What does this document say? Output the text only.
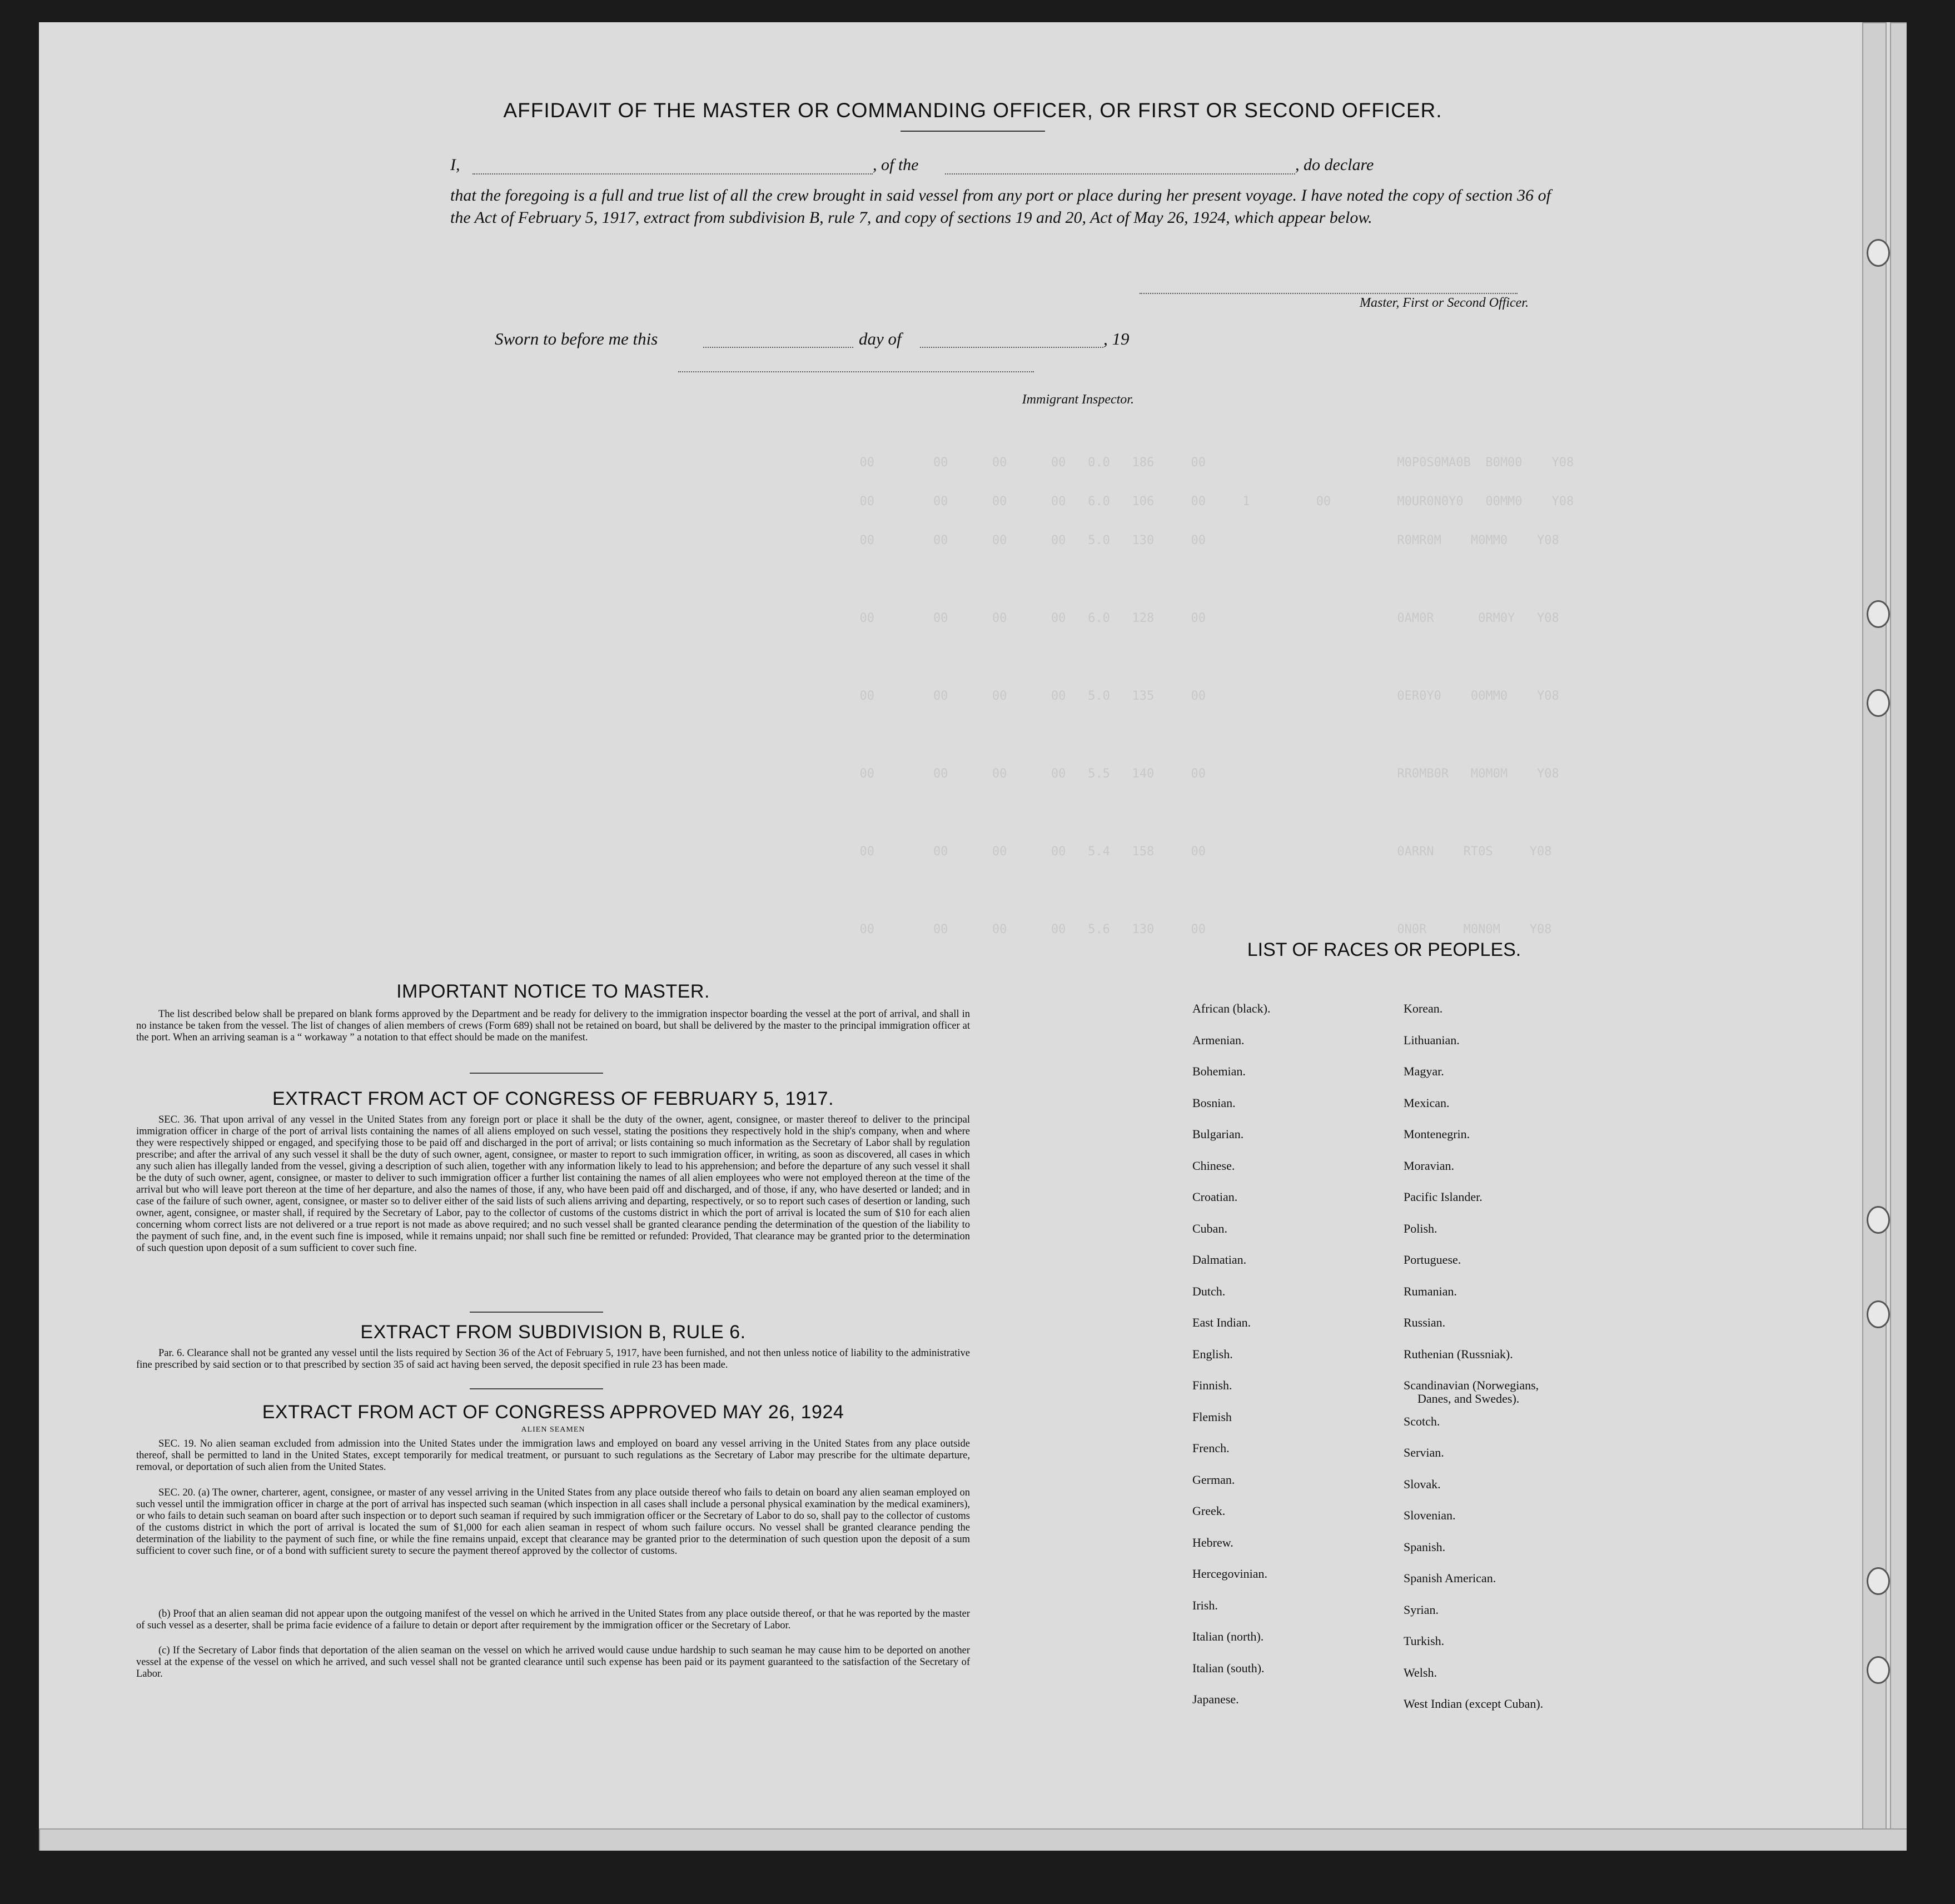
00        00      00      00   0.0   186     00                          M0P0S0MA0B  B0M00    Y08
00        00      00      00   6.0   106     00     1         00         M0UR0N0Y0   00MM0    Y08
00        00      00      00   5.0   130     00                          R0MR0M    M0MM0    Y08
00        00      00      00   6.0   128     00                          0AM0R      0RM0Y   Y08
00        00      00      00   5.0   135     00                          0ER0Y0    00MM0    Y08
00        00      00      00   5.5   140     00                          RR0MB0R   M0M0M    Y08
00        00      00      00   5.4   158     00                          0ARRN    RT0S     Y08
00        00      00      00   5.6   130     00                          0N0R     M0N0M    Y08
AFFIDAVIT OF THE MASTER OR COMMANDING OFFICER, OR FIRST OR SECOND OFFICER.
I,	, of the	, do declare
that the foregoing is a full and true list of all the crew brought in said vessel from any port or place during her present voyage. I have noted the copy of section 36 of the Act of February 5, 1917, extract from subdivision B, rule 7, and copy of sections 19 and 20, Act of May 26, 1924, which appear below.
Master, First or Second Officer.
Sworn to before me this	day of	, 19
Immigrant Inspector.
IMPORTANT NOTICE TO MASTER.
The list described below shall be prepared on blank forms approved by the Department and be ready for delivery to the immigration inspector boarding the vessel at the port of arrival, and shall in no instance be taken from the vessel. The list of changes of alien members of crews (Form 689) shall not be retained on board, but shall be delivered by the master to the principal immigration officer at the port. When an arriving seaman is a “ workaway ” a notation to that effect should be made on the manifest.
EXTRACT FROM ACT OF CONGRESS OF FEBRUARY 5, 1917.
SEC. 36. That upon arrival of any vessel in the United States from any foreign port or place it shall be the duty of the owner, agent, consignee, or master thereof to deliver to the principal immigration officer in charge of the port of arrival lists containing the names of all aliens employed on such vessel, stating the positions they respectively hold in the ship's company, when and where they were respectively shipped or engaged, and specifying those to be paid off and discharged in the port of arrival; or lists containing so much information as the Secretary of Labor shall by regulation prescribe; and after the arrival of any such vessel it shall be the duty of such owner, agent, consignee, or master to report to such immigration officer, in writing, as soon as discovered, all cases in which any such alien has illegally landed from the vessel, giving a description of such alien, together with any information likely to lead to his apprehension; and before the departure of any such vessel it shall be the duty of such owner, agent, consignee, or master to deliver to such immigration officer a further list containing the names of all alien employees who were not employed thereon at the time of the arrival but who will leave port thereon at the time of her departure, and also the names of those, if any, who have been paid off and discharged, and of those, if any, who have deserted or landed; and in case of the failure of such owner, agent, consignee, or master so to deliver either of the said lists of such aliens arriving and departing, respectively, or so to report such cases of desertion or landing, such owner, agent, consignee, or master shall, if required by the Secretary of Labor, pay to the collector of customs of the customs district in which the port of arrival is located the sum of $10 for each alien concerning whom correct lists are not delivered or a true report is not made as above required; and no such vessel shall be granted clearance pending the determination of the question of the liability to the payment of such fine, and, in the event such fine is imposed, while it remains unpaid; nor shall such fine be remitted or refunded: Provided, That clearance may be granted prior to the determination of such question upon deposit of a sum sufficient to cover such fine.
EXTRACT FROM SUBDIVISION B, RULE 6.
Par. 6. Clearance shall not be granted any vessel until the lists required by Section 36 of the Act of February 5, 1917, have been furnished, and not then unless notice of liability to the administrative fine prescribed by said section or to that prescribed by section 35 of said act having been served, the deposit specified in rule 23 has been made.
EXTRACT FROM ACT OF CONGRESS APPROVED MAY 26, 1924
ALIEN SEAMEN
SEC. 19. No alien seaman excluded from admission into the United States under the immigration laws and employed on board any vessel arriving in the United States from any place outside thereof, shall be permitted to land in the United States, except temporarily for medical treatment, or pursuant to such regulations as the Secretary of Labor may prescribe for the ultimate departure, removal, or deportation of such alien from the United States.
SEC. 20. (a) The owner, charterer, agent, consignee, or master of any vessel arriving in the United States from any place outside thereof who fails to detain on board any alien seaman employed on such vessel until the immigration officer in charge at the port of arrival has inspected such seaman (which inspection in all cases shall include a personal physical examination by the medical examiners), or who fails to detain such seaman on board after such inspection or to deport such seaman if required by such immigration officer or the Secretary of Labor to do so, shall pay to the collector of customs of the customs district in which the port of arrival is located the sum of $1,000 for each alien seaman in respect of whom such failure occurs. No vessel shall be granted clearance pending the determination of the liability to the payment of such fine, or while the fine remains unpaid, except that clearance may be granted prior to the determination of such question upon the deposit of a sum sufficient to cover such fine, or of a bond with sufficient surety to secure the payment thereof approved by the collector of customs.
(b) Proof that an alien seaman did not appear upon the outgoing manifest of the vessel on which he arrived in the United States from any place outside thereof, or that he was reported by the master of such vessel as a deserter, shall be prima facie evidence of a failure to detain or deport after requirement by the immigration officer or the Secretary of Labor.
(c) If the Secretary of Labor finds that deportation of the alien seaman on the vessel on which he arrived would cause undue hardship to such seaman he may cause him to be deported on another vessel at the expense of the vessel on which he arrived, and such vessel shall not be granted clearance until such expense has been paid or its payment guaranteed to the satisfaction of the Secretary of Labor.
LIST OF RACES OR PEOPLES.
African (black).
Armenian.
Bohemian.
Bosnian.
Bulgarian.
Chinese.
Croatian.
Cuban.
Dalmatian.
Dutch.
East Indian.
English.
Finnish.
Flemish
French.
German.
Greek.
Hebrew.
Hercegovinian.
Irish.
Italian (north).
Italian (south).
Japanese.
Korean.
Lithuanian.
Magyar.
Mexican.
Montenegrin.
Moravian.
Pacific Islander.
Polish.
Portuguese.
Rumanian.
Russian.
Ruthenian (Russniak).
Scandinavian (Norwegians,
Danes, and Swedes).
Scotch.
Servian.
Slovak.
Slovenian.
Spanish.
Spanish American.
Syrian.
Turkish.
Welsh.
West Indian (except Cuban).
